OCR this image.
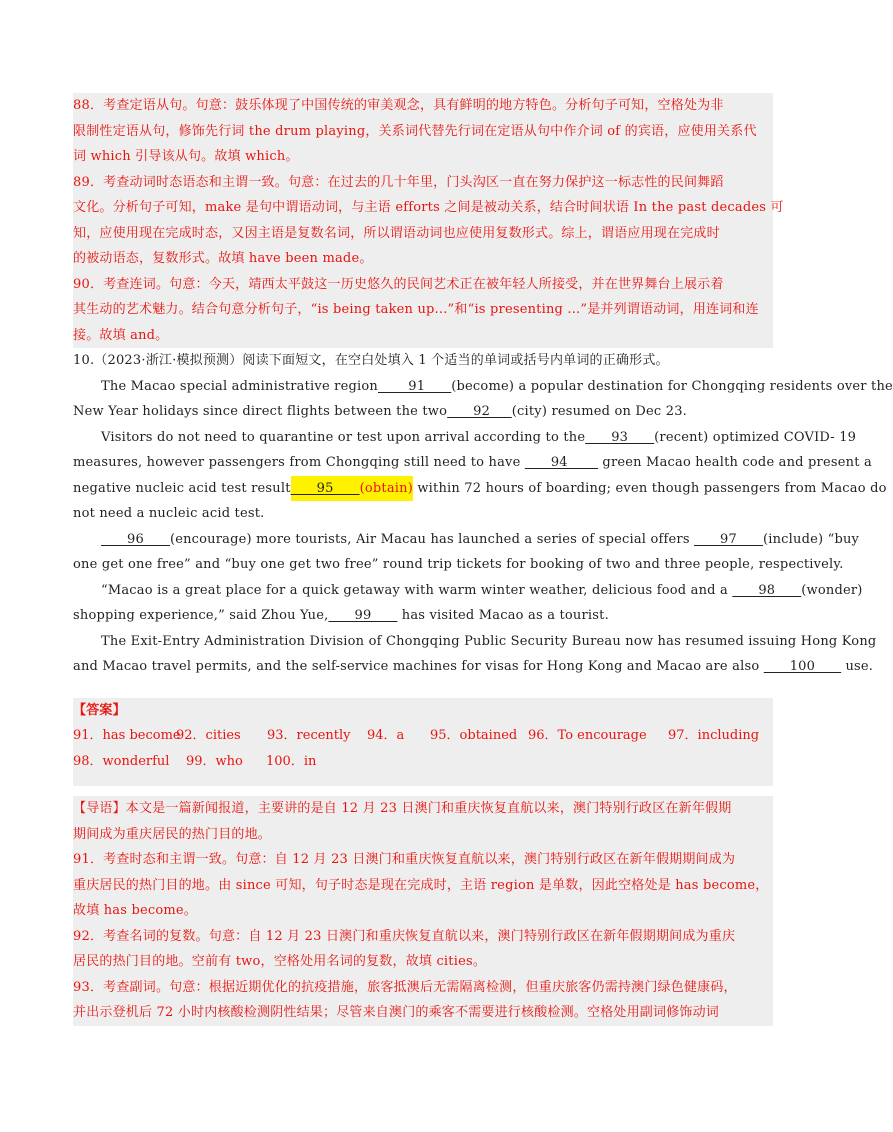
88．考查定语从句。句意：鼓乐体现了中国传统的审美观念，具有鲜明的地方特色。分析句子可知，空格处为非
限制性定语从句，修饰先行词 the drum playing，关系词代替先行词在定语从句中作介词 of 的宾语，应使用关系代
词 which 引导该从句。故填 which。
89．考查动词时态语态和主谓一致。句意：在过去的几十年里，门头沟区一直在努力保护这一标志性的民间舞蹈
文化。分析句子可知，make 是句中谓语动词，与主语 efforts 之间是被动关系，结合时间状语 In the past decades 可
知，应使用现在完成时态，又因主语是复数名词，所以谓语动词也应使用复数形式。综上，谓语应用现在完成时
的被动语态，复数形式。故填 have been made。
90．考查连词。句意：今天，靖西太平鼓这一历史悠久的民间艺术正在被年轻人所接受，并在世界舞台上展示着
其生动的艺术魅力。结合句意分析句子，“is being taken up...”和“is presenting ...”是并列谓语动词，用连词和连
接。故填 and。
10.（2023·浙江·模拟预测）阅读下面短文，在空白处填入 1 个适当的单词或括号内单词的正确形式。
The Macao special administrative region 91 (become) a popular destination for Chongqing residents over the
New Year holidays since direct flights between the two 92 (city) resumed on Dec 23.
Visitors do not need to quarantine or test upon arrival according to the 93 (recent) optimized COVID- 19
measures, however passengers from Chongqing still need to have 94 green Macao health code and present a
negative nucleic acid test result 95 (obtain) within 72 hours of boarding; even though passengers from Macao do
not need a nucleic acid test.
96 (encourage) more tourists, Air Macau has launched a series of special offers 97 (include) “buy
one get one free” and “buy one get two free” round trip tickets for booking of two and three people, respectively.
“Macao is a great place for a quick getaway with warm winter weather, delicious food and a 98 (wonder)
shopping experience,” said Zhou Yue, 99 has visited Macao as a tourist.
The Exit-Entry Administration Division of Chongqing Public Security Bureau now has resumed issuing Hong Kong
and Macao travel permits, and the self-service machines for visas for Hong Kong and Macao are also 100 use.
【答案】
91．has become
92．cities	93．recently	94．a	95．obtained 96．To encourage	97．including
98．wonderful	99．who	100．in
【导语】本文是一篇新闻报道，主要讲的是自 12 月 23 日澳门和重庆恢复直航以来，澳门特别行政区在新年假期
期间成为重庆居民的热门目的地。
91．考查时态和主谓一致。句意：自 12 月 23 日澳门和重庆恢复直航以来，澳门特别行政区在新年假期期间成为
重庆居民的热门目的地。由 since 可知，句子时态是现在完成时，主语 region 是单数，因此空格处是 has become，
故填 has become。
92．考查名词的复数。句意：自 12 月 23 日澳门和重庆恢复直航以来，澳门特别行政区在新年假期期间成为重庆
居民的热门目的地。空前有 two，空格处用名词的复数，故填 cities。
93．考查副词。句意：根据近期优化的抗疫措施，旅客抵澳后无需隔离检测，但重庆旅客仍需持澳门绿色健康码，
并出示登机后 72 小时内核酸检测阴性结果；尽管来自澳门的乘客不需要进行核酸检测。空格处用副词修饰动词
